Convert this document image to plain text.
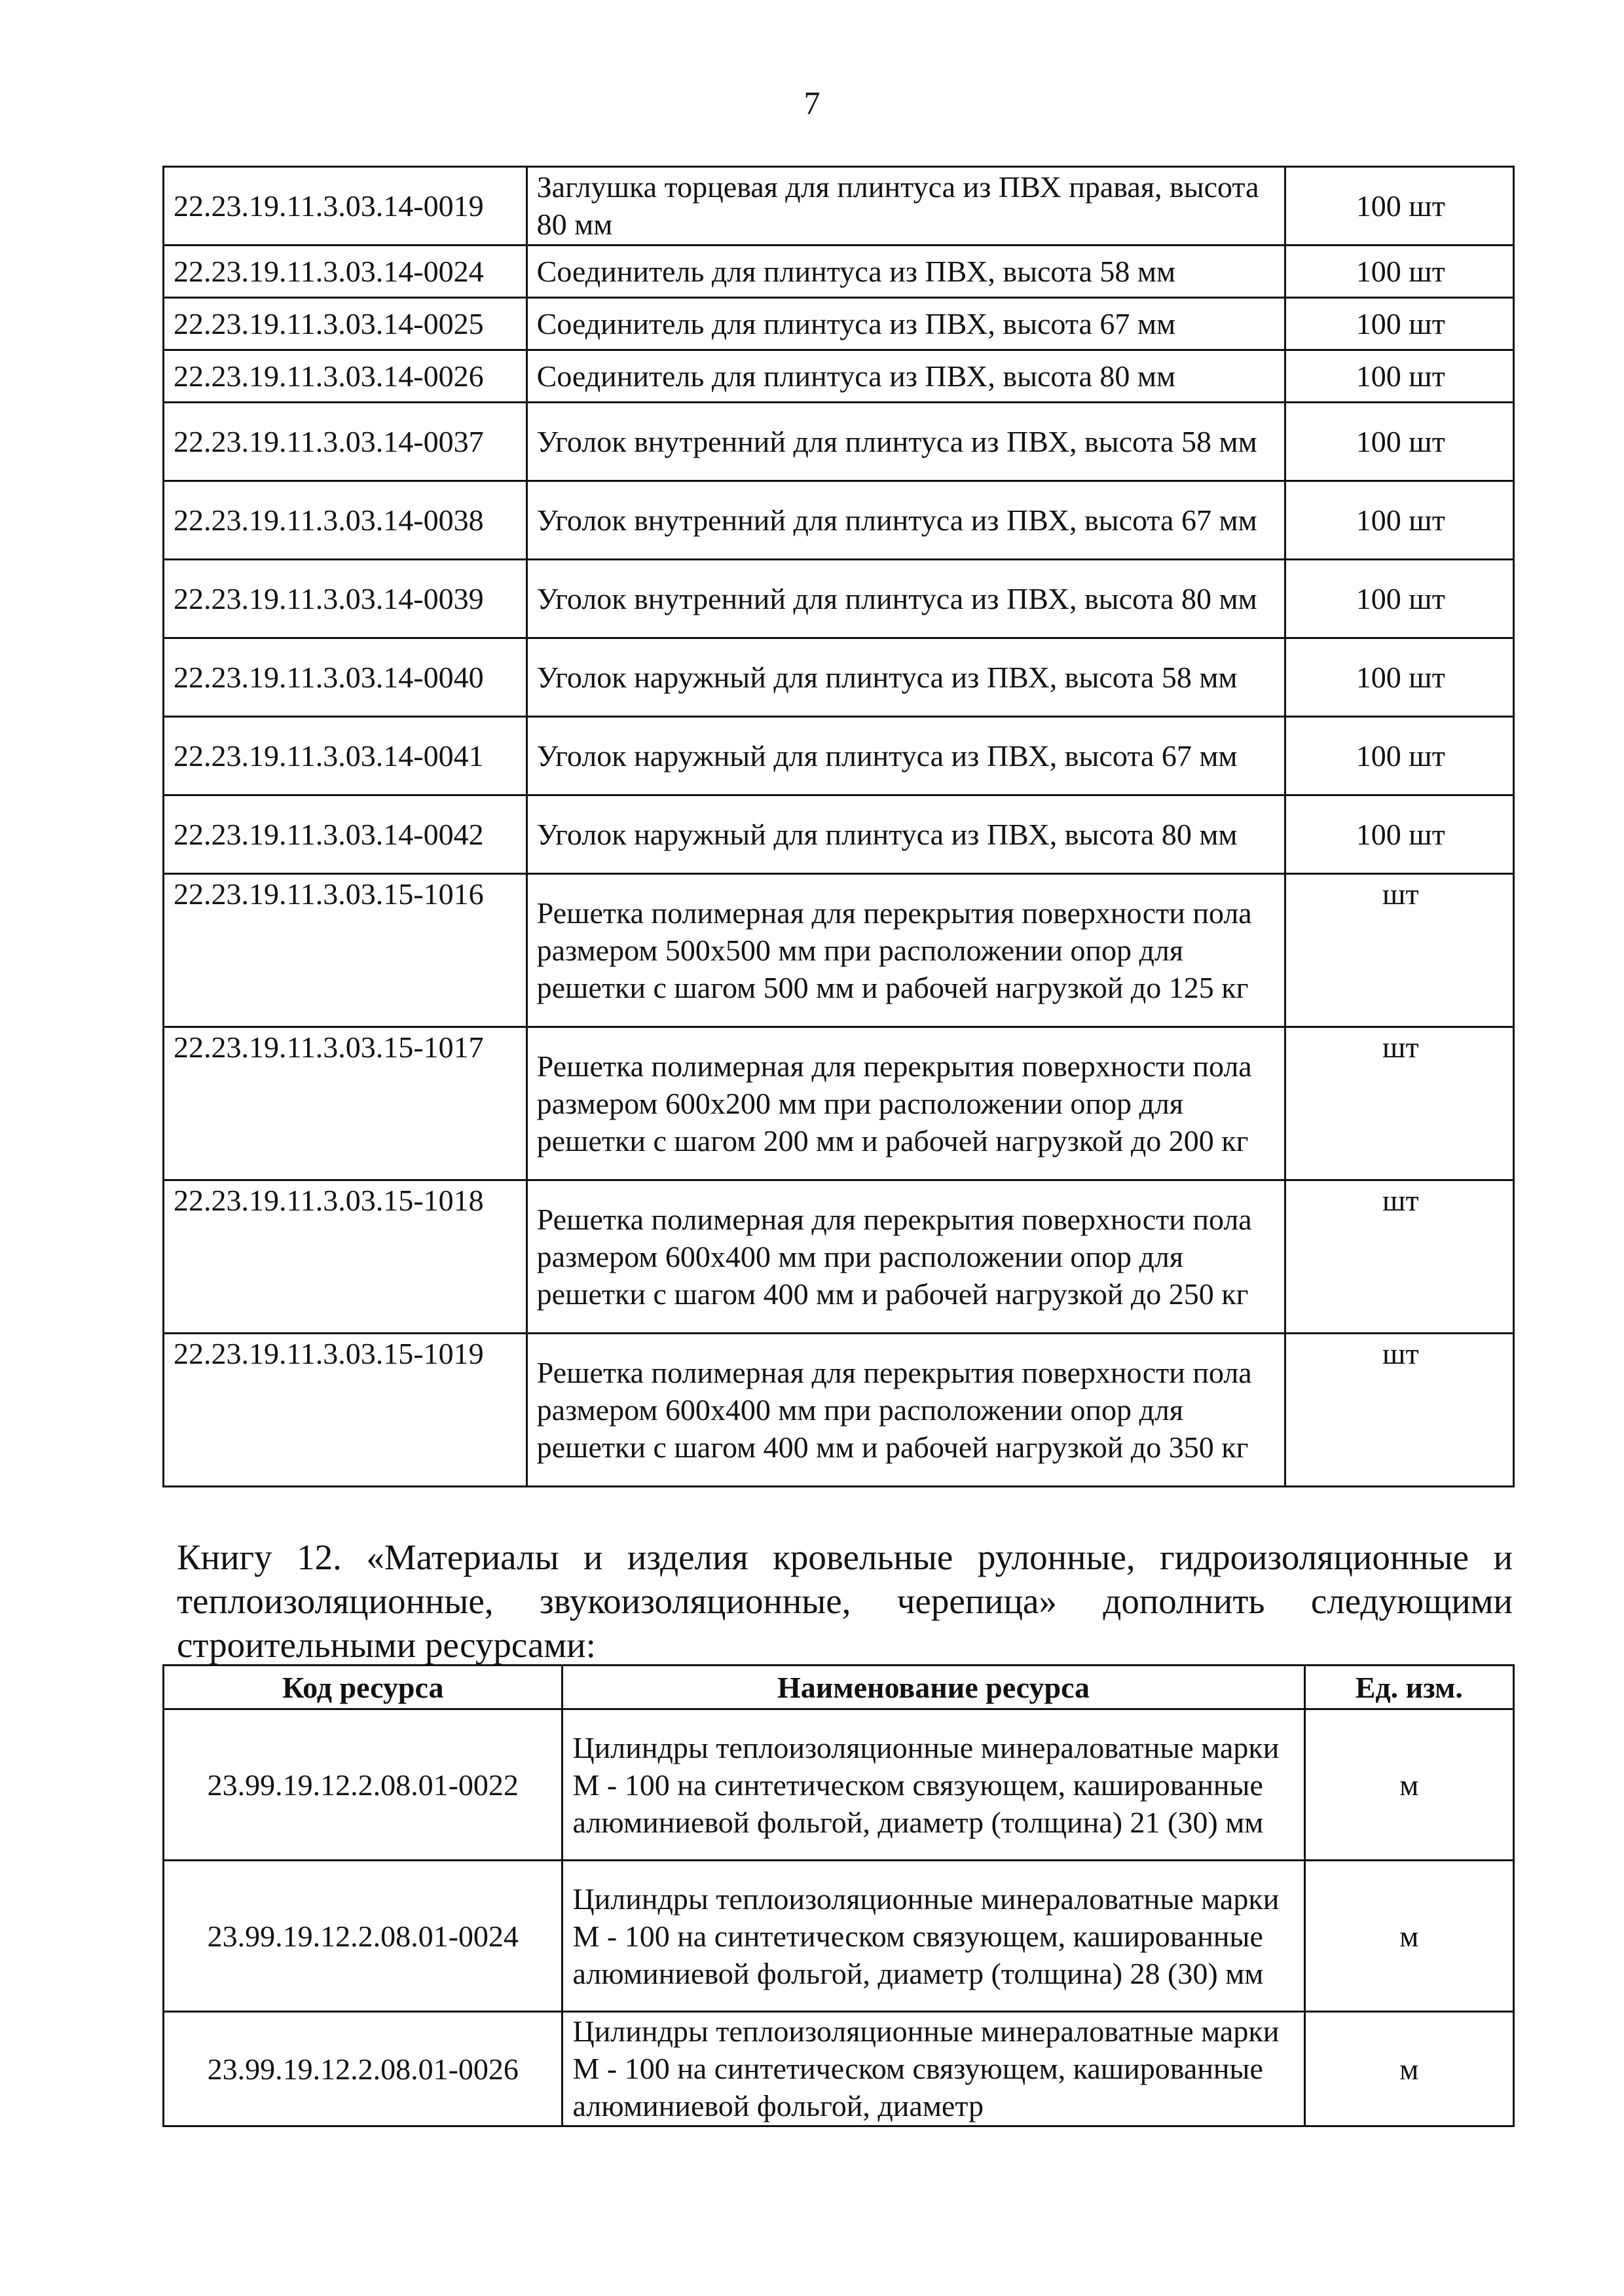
7
22.23.19.11.3.03.14-0019	Заглушка торцевая для плинтуса из ПВХ правая, высота 80 мм	100 шт
22.23.19.11.3.03.14-0024	Соединитель для плинтуса из ПВХ, высота 58 мм	100 шт
22.23.19.11.3.03.14-0025	Соединитель для плинтуса из ПВХ, высота 67 мм	100 шт
22.23.19.11.3.03.14-0026	Соединитель для плинтуса из ПВХ, высота 80 мм	100 шт
22.23.19.11.3.03.14-0037	Уголок внутренний для плинтуса из ПВХ, высота 58 мм	100 шт
22.23.19.11.3.03.14-0038	Уголок внутренний для плинтуса из ПВХ, высота 67 мм	100 шт
22.23.19.11.3.03.14-0039	Уголок внутренний для плинтуса из ПВХ, высота 80 мм	100 шт
22.23.19.11.3.03.14-0040	Уголок наружный для плинтуса из ПВХ, высота 58 мм	100 шт
22.23.19.11.3.03.14-0041	Уголок наружный для плинтуса из ПВХ, высота 67 мм	100 шт
22.23.19.11.3.03.14-0042	Уголок наружный для плинтуса из ПВХ, высота 80 мм	100 шт
22.23.19.11.3.03.15-1016	Решетка полимерная для перекрытия поверхности пола размером 500х500 мм при расположении опор для решетки с шагом 500 мм и рабочей нагрузкой до 125 кг	шт
22.23.19.11.3.03.15-1017	Решетка полимерная для перекрытия поверхности пола размером 600х200 мм при расположении опор для решетки с шагом 200 мм и рабочей нагрузкой до 200 кг	шт
22.23.19.11.3.03.15-1018	Решетка полимерная для перекрытия поверхности пола размером 600х400 мм при расположении опор для решетки с шагом 400 мм и рабочей нагрузкой до 250 кг	шт
22.23.19.11.3.03.15-1019	Решетка полимерная для перекрытия поверхности пола размером 600х400 мм при расположении опор для решетки с шагом 400 мм и рабочей нагрузкой до 350 кг	шт

Книгу 12. «Материалы и изделия кровельные рулонные, гидроизоляционные и теплоизоляционные, звукоизоляционные, черепица» дополнить следующими строительными ресурсами:

Код ресурса	Наименование ресурса	Ед. изм.
23.99.19.12.2.08.01-0022	Цилиндры теплоизоляционные минераловатные марки М - 100 на синтетическом связующем, кашированные алюминиевой фольгой, диаметр (толщина) 21 (30) мм	м
23.99.19.12.2.08.01-0024	Цилиндры теплоизоляционные минераловатные марки М - 100 на синтетическом связующем, кашированные алюминиевой фольгой, диаметр (толщина) 28 (30) мм	м
23.99.19.12.2.08.01-0026	Цилиндры теплоизоляционные минераловатные марки М - 100 на синтетическом связующем, кашированные алюминиевой фольгой, диаметр	м
